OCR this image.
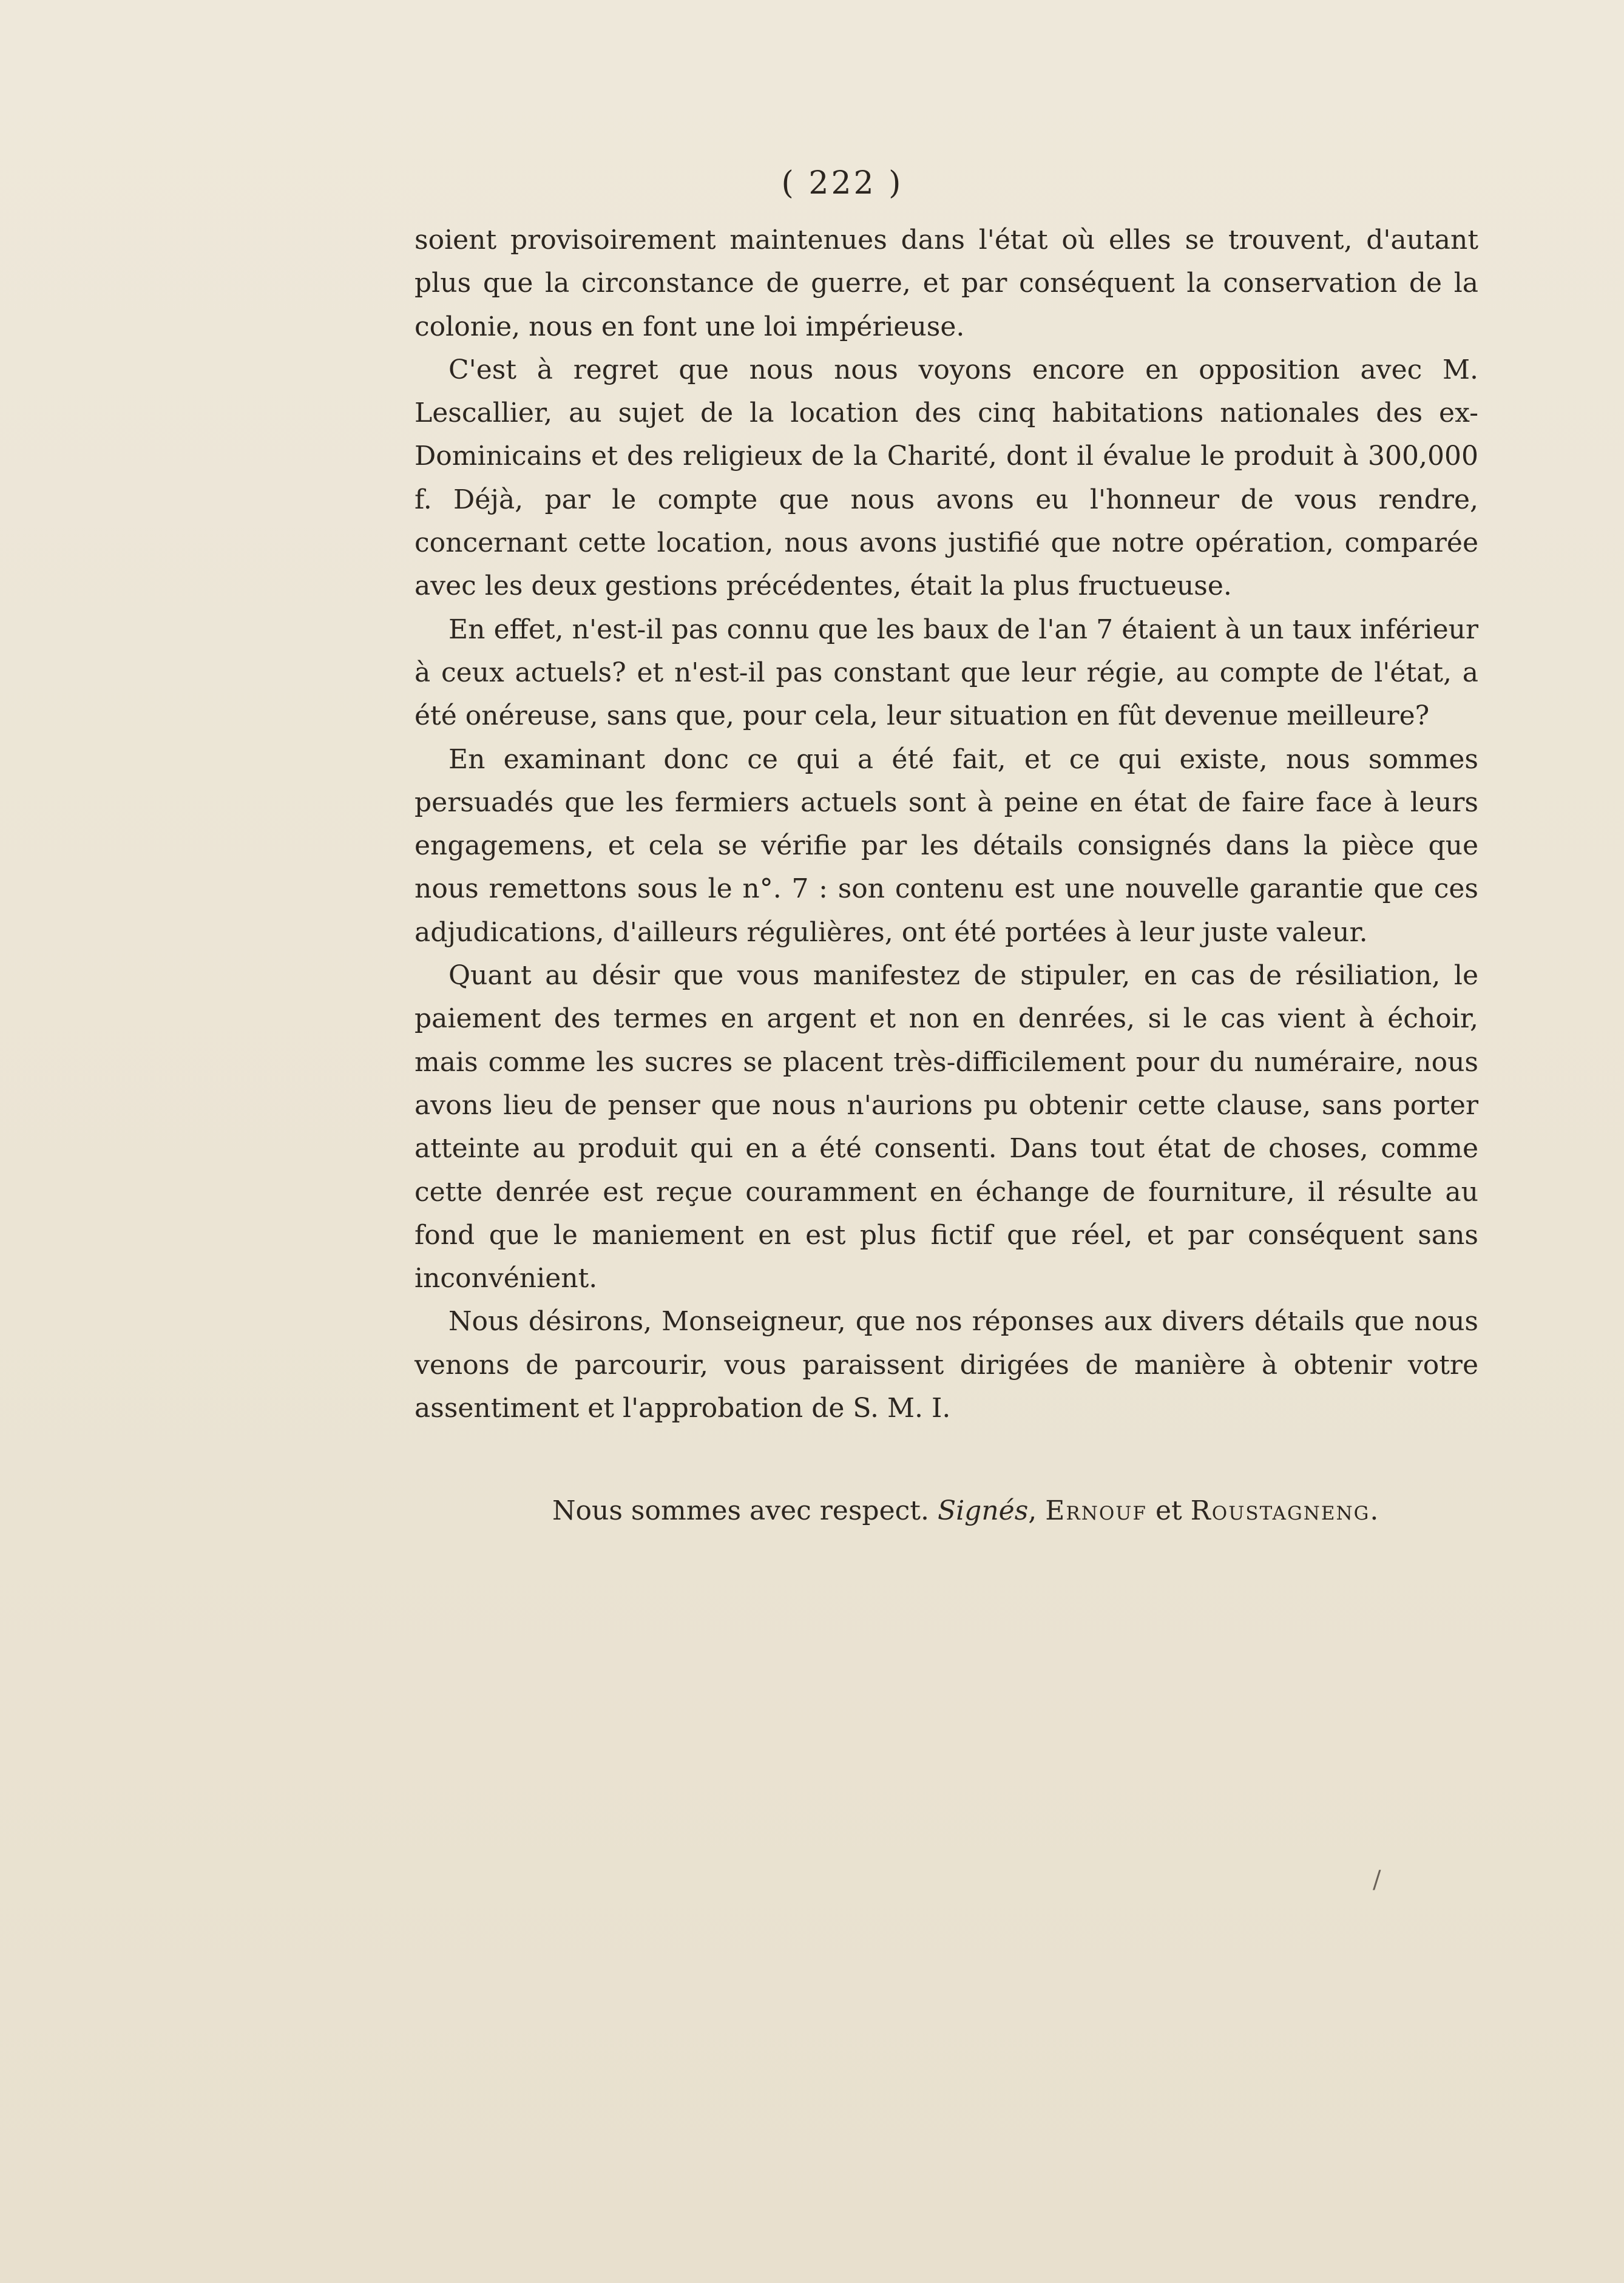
( 222 )

soient provisoirement maintenues dans l'état où elles se trouvent, d'autant plus que la circonstance de guerre, et par conséquent la conservation de la colonie, nous en font une loi impérieuse.

C'est à regret que nous nous voyons encore en opposition avec M. Lescallier, au sujet de la location des cinq habitations nationales des ex-Dominicains et des religieux de la Charité, dont il évalue le produit à 300,000 f. Déjà, par le compte que nous avons eu l'honneur de vous rendre, concernant cette location, nous avons justifié que notre opération, comparée avec les deux gestions précédentes, était la plus fructueuse.

En effet, n'est-il pas connu que les baux de l'an 7 étaient à un taux inférieur à ceux actuels? et n'est-il pas constant que leur régie, au compte de l'état, a été onéreuse, sans que, pour cela, leur situation en fût devenue meilleure?

En examinant donc ce qui a été fait, et ce qui existe, nous sommes persuadés que les fermiers actuels sont à peine en état de faire face à leurs engagemens, et cela se vérifie par les détails consignés dans la pièce que nous remettons sous le n°. 7 : son contenu est une nouvelle garantie que ces adjudications, d'ailleurs régulières, ont été portées à leur juste valeur.

Quant au désir que vous manifestez de stipuler, en cas de résiliation, le paiement des termes en argent et non en denrées, si le cas vient à échoir, mais comme les sucres se placent très-difficilement pour du numéraire, nous avons lieu de penser que nous n'aurions pu obtenir cette clause, sans porter atteinte au produit qui en a été consenti. Dans tout état de choses, comme cette denrée est reçue couramment en échange de fourniture, il résulte au fond que le maniement en est plus fictif que réel, et par conséquent sans inconvénient.

Nous désirons, Monseigneur, que nos réponses aux divers détails que nous venons de parcourir, vous paraissent dirigées de manière à obtenir votre assentiment et l'approbation de S. M. I.

Nous sommes avec respect. Signés, Ernouf et Roustagneng.
/
